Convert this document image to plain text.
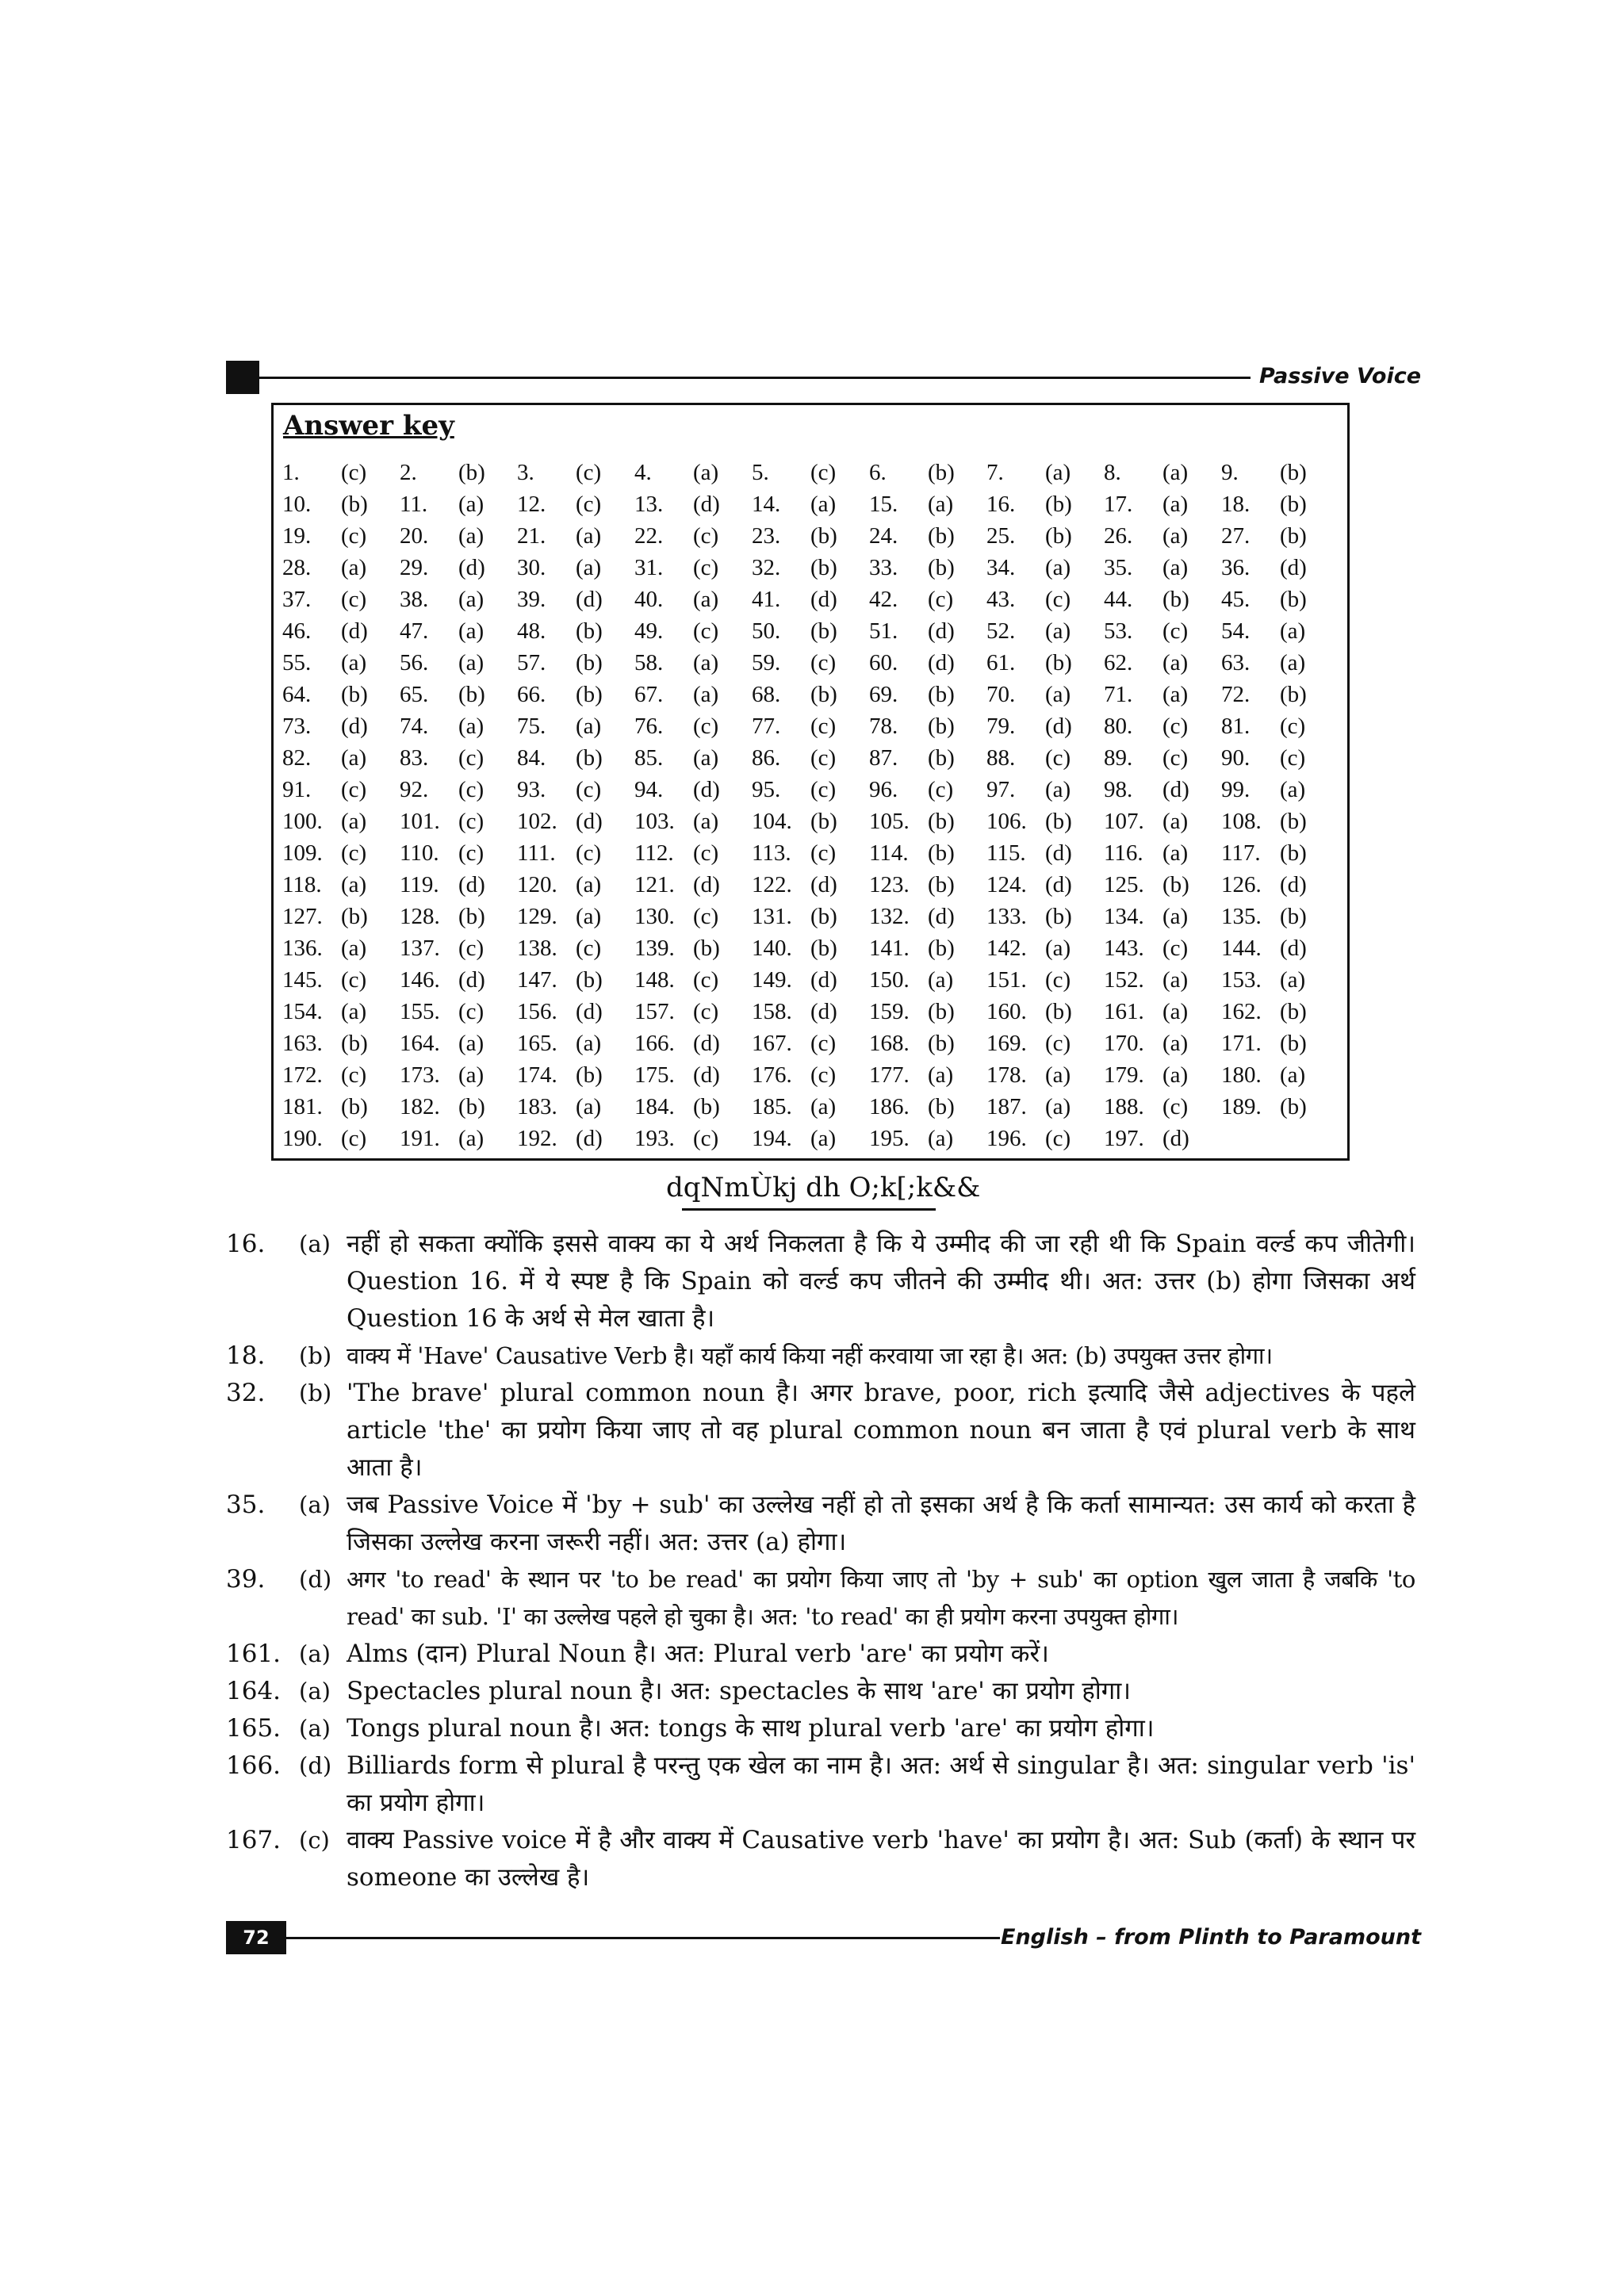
Passive Voice
Answer key
1. (c) 2. (b) 3. (c) 4. (a) 5. (c) 6. (b) 7. (a) 8. (a) 9. (b)
10. (b) 11. (a) 12. (c) 13. (d) 14. (a) 15. (a) 16. (b) 17. (a) 18. (b)
19. (c) 20. (a) 21. (a) 22. (c) 23. (b) 24. (b) 25. (b) 26. (a) 27. (b)
28. (a) 29. (d) 30. (a) 31. (c) 32. (b) 33. (b) 34. (a) 35. (a) 36. (d)
37. (c) 38. (a) 39. (d) 40. (a) 41. (d) 42. (c) 43. (c) 44. (b) 45. (b)
46. (d) 47. (a) 48. (b) 49. (c) 50. (b) 51. (d) 52. (a) 53. (c) 54. (a)
55. (a) 56. (a) 57. (b) 58. (a) 59. (c) 60. (d) 61. (b) 62. (a) 63. (a)
64. (b) 65. (b) 66. (b) 67. (a) 68. (b) 69. (b) 70. (a) 71. (a) 72. (b)
73. (d) 74. (a) 75. (a) 76. (c) 77. (c) 78. (b) 79. (d) 80. (c) 81. (c)
82. (a) 83. (c) 84. (b) 85. (a) 86. (c) 87. (b) 88. (c) 89. (c) 90. (c)
91. (c) 92. (c) 93. (c) 94. (d) 95. (c) 96. (c) 97. (a) 98. (d) 99. (a)
100. (a) 101. (c) 102. (d) 103. (a) 104. (b) 105. (b) 106. (b) 107. (a) 108. (b)
109. (c) 110. (c) 111. (c) 112. (c) 113. (c) 114. (b) 115. (d) 116. (a) 117. (b)
118. (a) 119. (d) 120. (a) 121. (d) 122. (d) 123. (b) 124. (d) 125. (b) 126. (d)
127. (b) 128. (b) 129. (a) 130. (c) 131. (b) 132. (d) 133. (b) 134. (a) 135. (b)
136. (a) 137. (c) 138. (c) 139. (b) 140. (b) 141. (b) 142. (a) 143. (c) 144. (d)
145. (c) 146. (d) 147. (b) 148. (c) 149. (d) 150. (a) 151. (c) 152. (a) 153. (a)
154. (a) 155. (c) 156. (d) 157. (c) 158. (d) 159. (b) 160. (b) 161. (a) 162. (b)
163. (b) 164. (a) 165. (a) 166. (d) 167. (c) 168. (b) 169. (c) 170. (a) 171. (b)
172. (c) 173. (a) 174. (b) 175. (d) 176. (c) 177. (a) 178. (a) 179. (a) 180. (a)
181. (b) 182. (b) 183. (a) 184. (b) 185. (a) 186. (b) 187. (a) 188. (c) 189. (b)
190. (c) 191. (a) 192. (d) 193. (c) 194. (a) 195. (a) 196. (c) 197. (d)
dqNmÙkj dh O;k[;k&&
16.	(a) नहीं हो सकता क्योंकि इससे वाक्य का ये अर्थ निकलता है कि ये उम्मीद की जा रही थी कि Spain वर्ल्ड कप जीतेगी। Question 16. में ये स्पष्ट है कि Spain को वर्ल्ड कप जीतने की उम्मीद थी। अत: उत्तर (b) होगा जिसका अर्थ Question 16 के अर्थ से मेल खाता है।
18.	(b) वाक्य में 'Have' Causative Verb है। यहाँ कार्य किया नहीं करवाया जा रहा है। अत: (b) उपयुक्त उत्तर होगा।
32.	(b) 'The brave' plural common noun है। अगर brave, poor, rich इत्यादि जैसे adjectives के पहले article 'the' का प्रयोग किया जाए तो वह plural common noun बन जाता है एवं plural verb के साथ आता है।
35.	(a) जब Passive Voice में 'by + sub' का उल्लेख नहीं हो तो इसका अर्थ है कि कर्ता सामान्यत: उस कार्य को करता है जिसका उल्लेख करना जरूरी नहीं। अत: उत्तर (a) होगा।
39.	(d) अगर 'to read' के स्थान पर 'to be read' का प्रयोग किया जाए तो 'by + sub' का option खुल जाता है जबकि 'to read' का sub. 'I' का उल्लेख पहले हो चुका है। अत: 'to read' का ही प्रयोग करना उपयुक्त होगा।
161. (a) Alms (दान) Plural Noun है। अत: Plural verb 'are' का प्रयोग करें।
164. (a) Spectacles plural noun है। अत: spectacles के साथ 'are' का प्रयोग होगा।
165. (a) Tongs plural noun है। अत: tongs के साथ plural verb 'are' का प्रयोग होगा।
166. (d) Billiards form से plural है परन्तु एक खेल का नाम है। अत: अर्थ से singular है। अत: singular verb 'is' का प्रयोग होगा।
167. (c) वाक्य Passive voice में है और वाक्य में Causative verb 'have' का प्रयोग है। अत: Sub (कर्ता) के स्थान पर someone का उल्लेख है।
72	English – from Plinth to Paramount
